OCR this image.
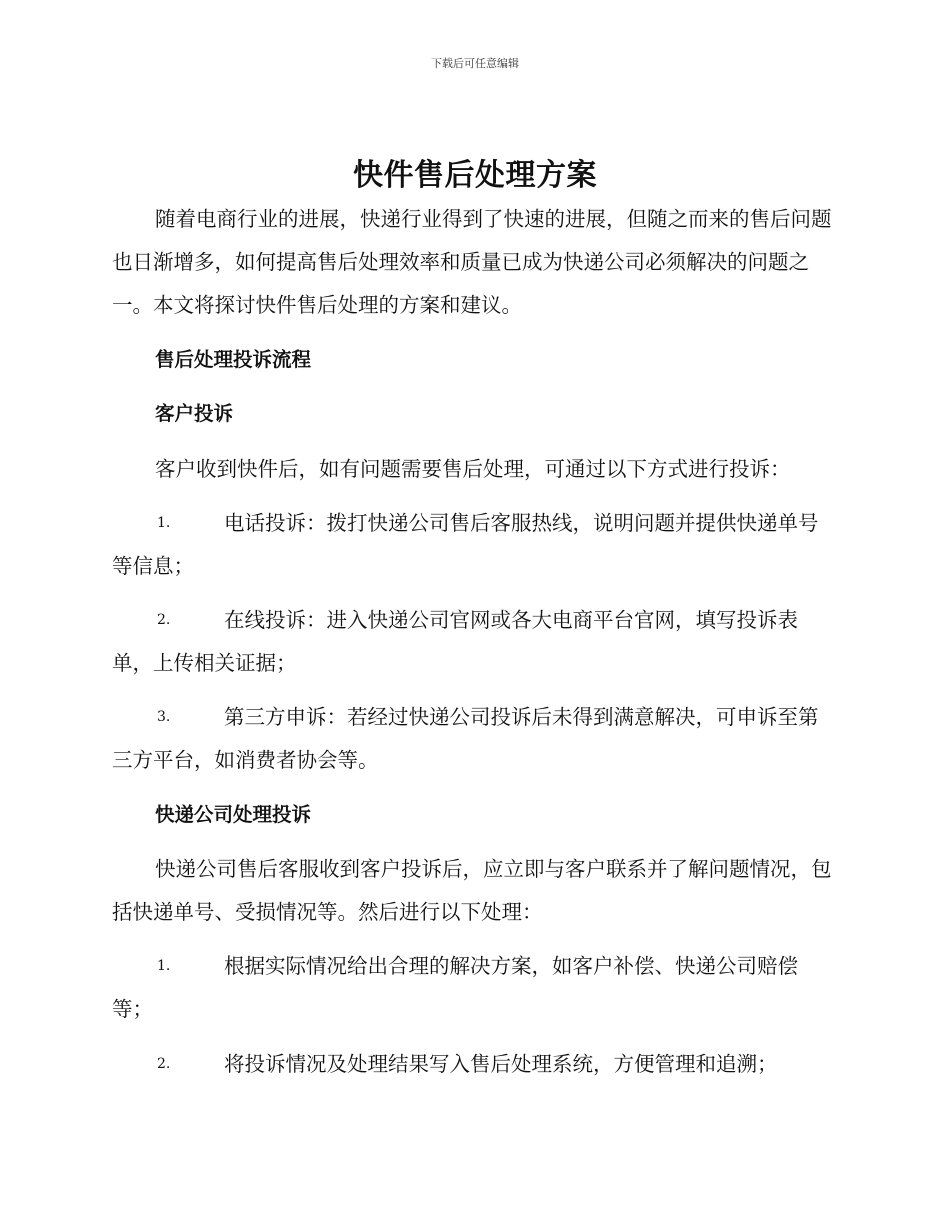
下载后可任意编辑
快件售后处理方案

随着电商行业的进展，快递行业得到了快速的进展，但随之而来的售后问题也日渐增多，如何提高售后处理效率和质量已成为快递公司必须解决的问题之一。本文将探讨快件售后处理的方案和建议。

售后处理投诉流程

客户投诉

客户收到快件后，如有问题需要售后处理，可通过以下方式进行投诉：

1.	电话投诉：拨打快递公司售后客服热线，说明问题并提供快递单号等信息；

2.	在线投诉：进入快递公司官网或各大电商平台官网，填写投诉表单，上传相关证据；

3.	第三方申诉：若经过快递公司投诉后未得到满意解决，可申诉至第三方平台，如消费者协会等。

快递公司处理投诉

快递公司售后客服收到客户投诉后，应立即与客户联系并了解问题情况，包括快递单号、受损情况等。然后进行以下处理：

1.	根据实际情况给出合理的解决方案，如客户补偿、快递公司赔偿等；

2.	将投诉情况及处理结果写入售后处理系统，方便管理和追溯；
